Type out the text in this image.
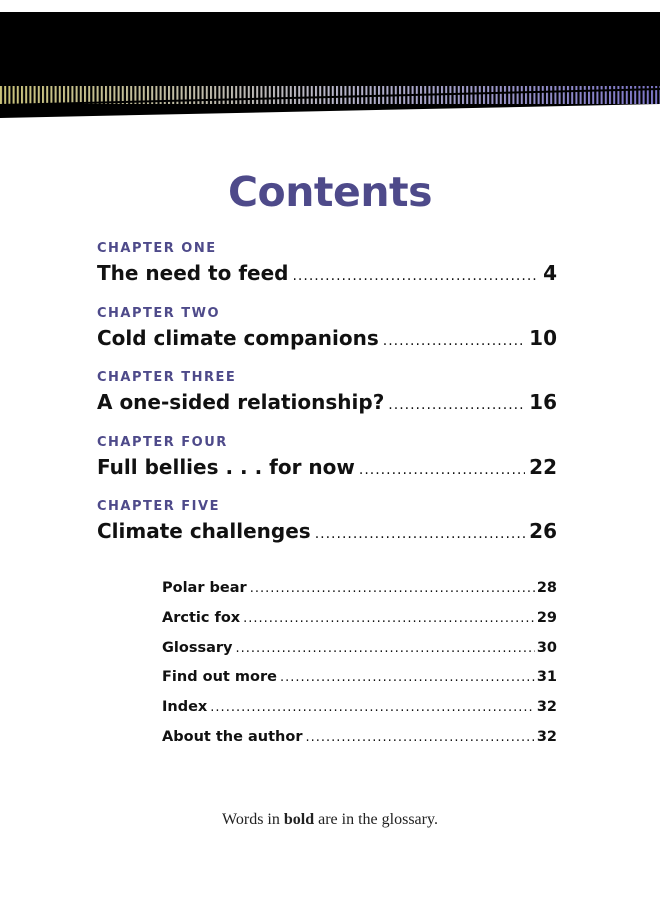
Contents
CHAPTER ONE
The need to feed .....	4
CHAPTER TWO
Cold climate companions .....	10
CHAPTER THREE
A one-sided relationship? .....	16
CHAPTER FOUR
Full bellies . . . for now .....	22
CHAPTER FIVE
Climate challenges .....	26
Polar bear .....	28
Arctic fox .....	29
Glossary .....	30
Find out more .....	31
Index .....	32
About the author .....	32
Words in bold are in the glossary.
